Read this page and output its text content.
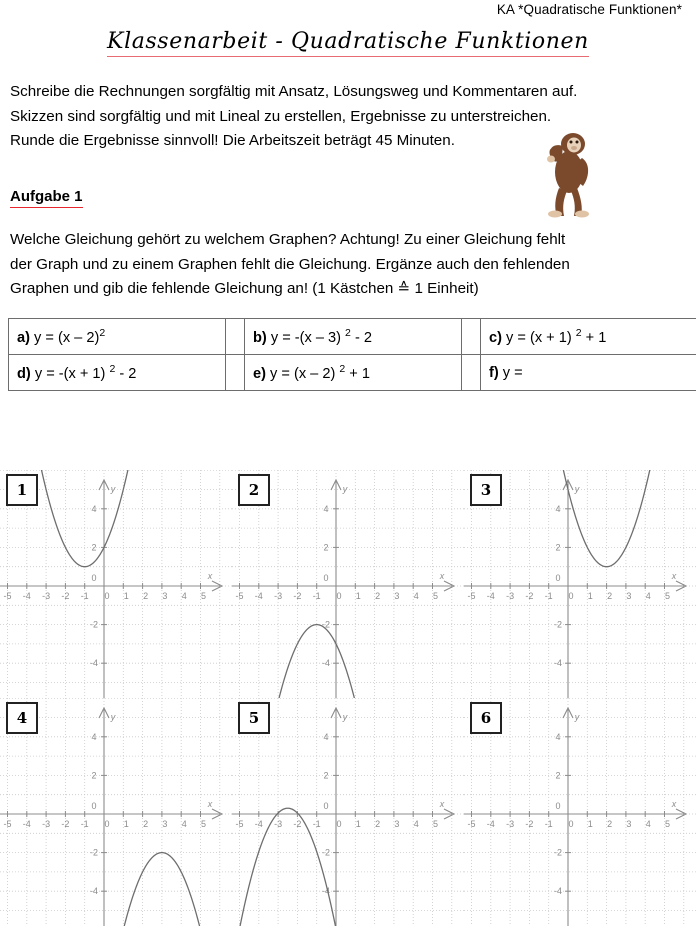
KA *Quadratische Funktionen*
Klassenarbeit - Quadratische Funktionen
Schreibe die Rechnungen sorgfältig mit Ansatz, Lösungsweg und Kommentaren auf.
Skizzen sind sorgfältig und mit Lineal zu erstellen, Ergebnisse zu unterstreichen.
Runde die Ergebnisse sinnvoll! Die Arbeitszeit beträgt 45 Minuten.
Aufgabe 1
Welche Gleichung gehört zu welchem Graphen? Achtung! Zu einer Gleichung fehlt
der Graph und zu einem Graphen fehlt die Gleichung. Ergänze auch den fehlenden
Graphen und gib die fehlende Gleichung an! (1 Kästchen ≙ 1 Einheit)
a) y = (x – 2)$^2$		b) y = -(x – 3) $^2$ - 2		c) y = (x + 1) $^2$ + 1	
d) y = -(x + 1) $^2$ - 2		e) y = (x – 2) $^2$ + 1		f) y =	
-5 -4 -3 -2 -1 0 1 2 3 4 5
4
2
-2
-4
0	x
y
1
-5 -4 -3 -2 -1 0 1 2 3 4 5
4
2
-2
-4
0	x
y
2
-5 -4 -3 -2 -1 0 1 2 3 4 5
4
2
-2
-4
0	x
y
3
-5 -4 -3 -2 -1 0 1 2 3 4 5
4
2
-2
-4
0	x
y
4
-5 -4 -3 -2 -1 0 1 2 3 4 5
4
2
-2
-4
0	x
y
5
-5 -4 -3 -2 -1 0 1 2 3 4 5
4
2
-2
-4
0	x
y
6
